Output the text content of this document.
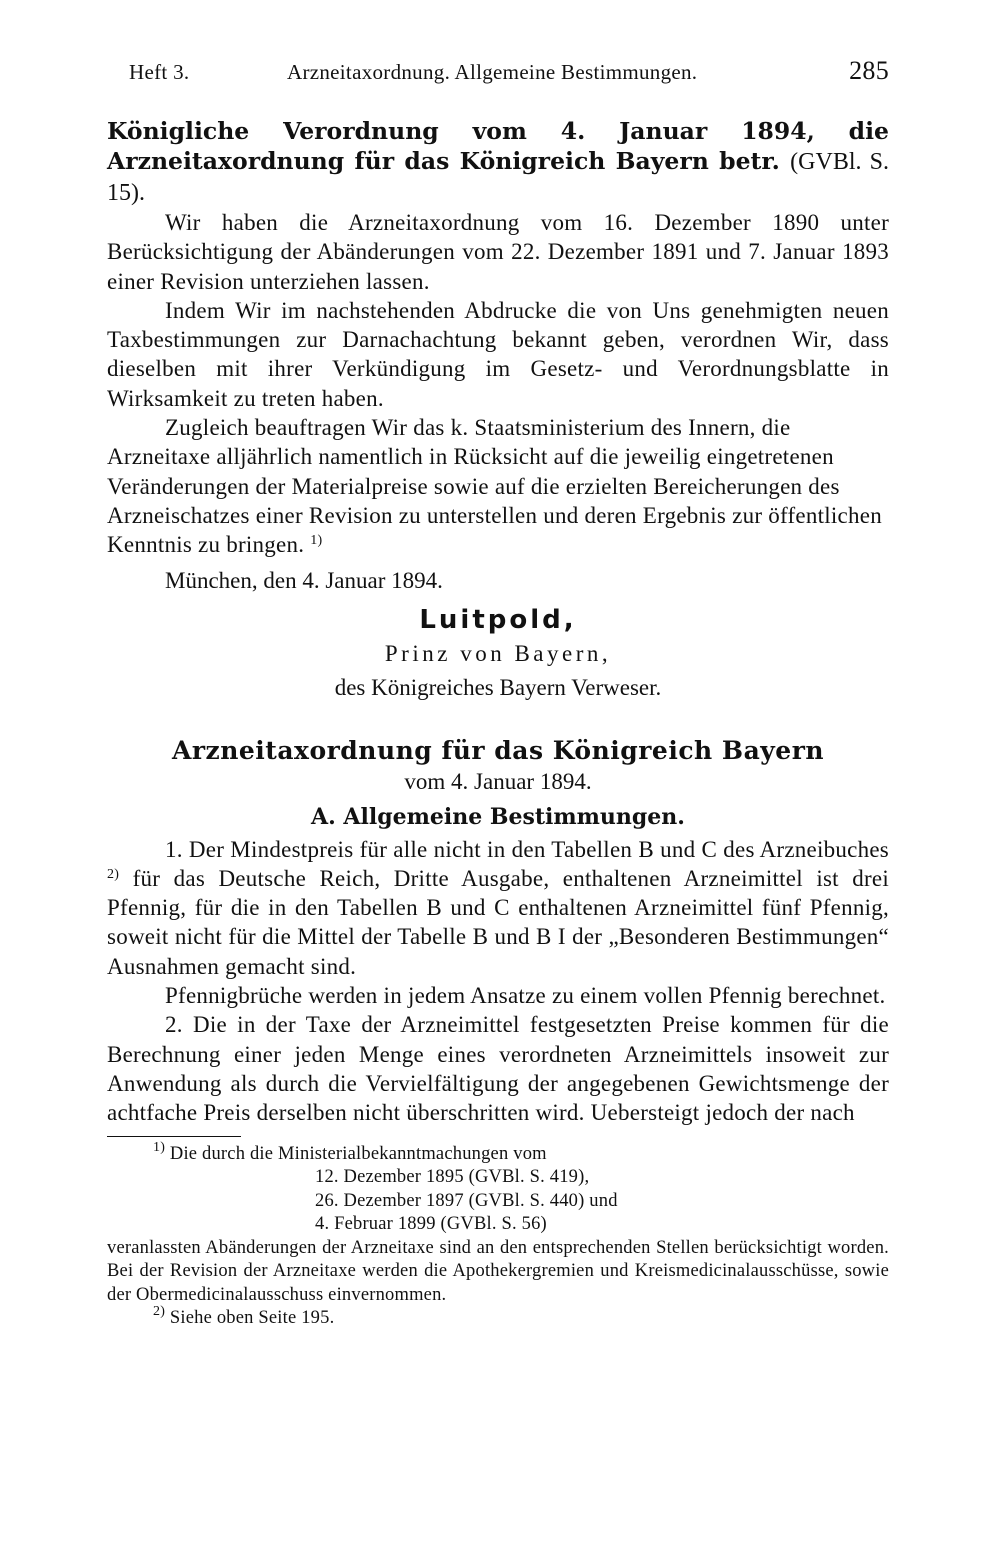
Heft 3.	Arzneitaxordnung. Allgemeine Bestimmungen.	285
Königliche Verordnung vom 4. Januar 1894, die Arzneitaxordnung für das Königreich Bayern betr. (GVBl. S. 15).

Wir haben die Arzneitaxordnung vom 16. Dezember 1890 unter Berücksichtigung der Abänderungen vom 22. Dezember 1891 und 7. Januar 1893 einer Revision unterziehen lassen.

Indem Wir im nachstehenden Abdrucke die von Uns genehmigten neuen Taxbestimmungen zur Darnachachtung bekannt geben, verordnen Wir, dass dieselben mit ihrer Verkündigung im Gesetz- und Verordnungsblatte in Wirksamkeit zu treten haben.

Zugleich beauftragen Wir das k. Staatsministerium des Innern, die Arzneitaxe alljährlich namentlich in Rücksicht auf die jeweilig eingetretenen Veränderungen der Materialpreise sowie auf die erzielten Bereicherungen des Arzneischatzes einer Revision zu unterstellen und deren Ergebnis zur öffentlichen Kenntnis zu bringen. $^{1)}$

München, den 4. Januar 1894.
Luitpold,
Prinz von Bayern,
des Königreiches Bayern Verweser.
Arzneitaxordnung für das Königreich Bayern
vom 4. Januar 1894.
A. Allgemeine Bestimmungen.

1. Der Mindestpreis für alle nicht in den Tabellen B und C des Arzneibuches $^{2)}$ für das Deutsche Reich, Dritte Ausgabe, enthaltenen Arzneimittel ist drei Pfennig, für die in den Tabellen B und C enthaltenen Arzneimittel fünf Pfennig, soweit nicht für die Mittel der Tabelle B und B I der „Besonderen Bestimmungen“ Ausnahmen gemacht sind.

Pfennigbrüche werden in jedem Ansatze zu einem vollen Pfennig berechnet.

2. Die in der Taxe der Arzneimittel festgesetzten Preise kommen für die Berechnung einer jeden Menge eines verordneten Arzneimittels insoweit zur Anwendung als durch die Vervielfältigung der angegebenen Gewichtsmenge der achtfache Preis derselben nicht überschritten wird. Uebersteigt jedoch der nach

$^{1)}$ Die durch die Ministerialbekanntmachungen vom
12. Dezember 1895 (GVBl. S. 419),
26. Dezember 1897 (GVBl. S. 440) und
4. Februar 1899 (GVBl. S. 56)
veranlassten Abänderungen der Arzneitaxe sind an den entsprechenden Stellen berücksichtigt worden. Bei der Revision der Arzneitaxe werden die Apothekergremien und Kreismedicinalausschüsse, sowie der Obermedicinalausschuss einvernommen.
$^{2)}$ Siehe oben Seite 195.
